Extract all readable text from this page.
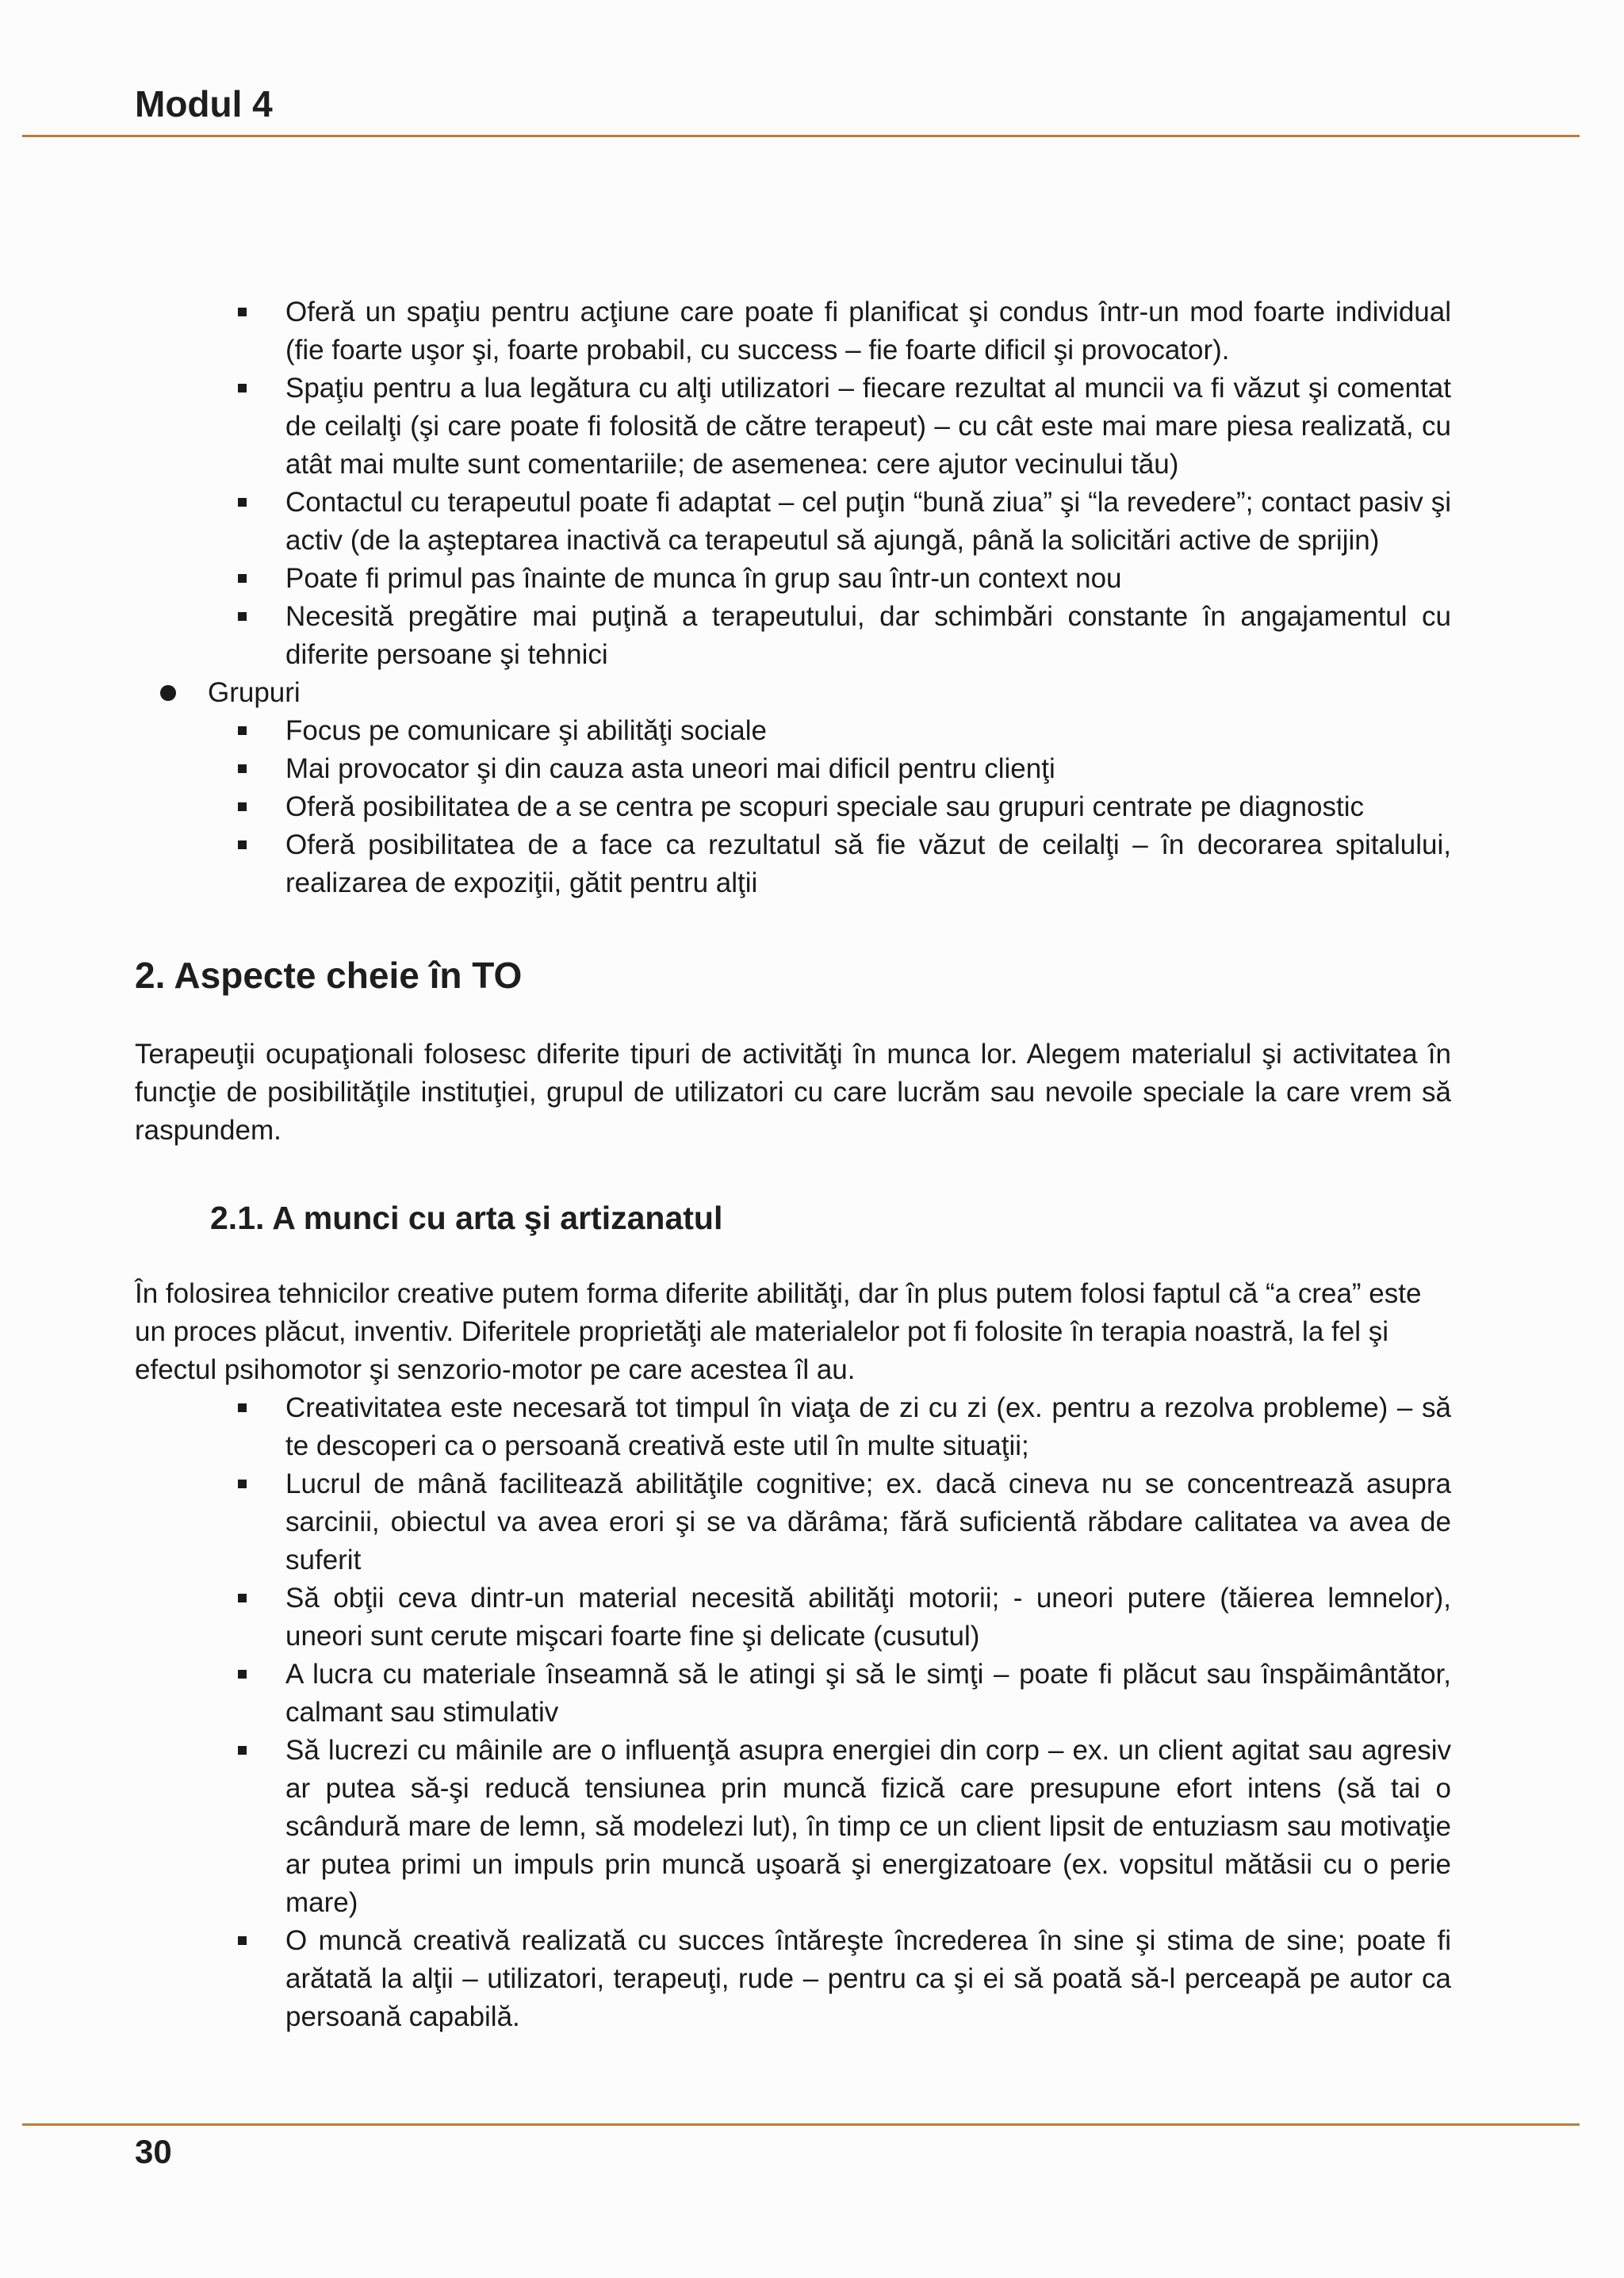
Modul 4
Oferă un spaţiu pentru acţiune care poate fi planificat şi condus într-un mod foarte individual (fie foarte uşor şi, foarte probabil, cu success – fie foarte dificil şi provocator).
Spaţiu pentru a lua legătura cu alţi utilizatori – fiecare rezultat al muncii va fi văzut şi comentat de ceilalţi (şi care poate fi folosită de către terapeut) – cu cât este mai mare piesa realizată, cu atât mai multe sunt comentariile; de asemenea: cere ajutor vecinului tău)
Contactul cu terapeutul poate fi adaptat – cel puţin “bună ziua” şi “la revedere”; contact pasiv şi activ (de la aşteptarea inactivă ca terapeutul să ajungă, până la solicitări active de sprijin)
Poate fi primul pas înainte de munca în grup sau într-un context nou
Necesită pregătire mai puţină a terapeutului, dar schimbări constante în angajamentul cu diferite persoane şi tehnici
Grupuri
Focus pe comunicare şi abilităţi sociale
Mai provocator şi din cauza asta uneori mai dificil pentru clienţi
Oferă posibilitatea de a se centra pe scopuri speciale sau grupuri centrate pe diagnostic
Oferă posibilitatea de a face ca rezultatul să fie văzut de ceilalţi – în decorarea spitalului, realizarea de expoziţii, gătit pentru alţii
2. Aspecte cheie în TO

Terapeuţii ocupaţionali folosesc diferite tipuri de activităţi în munca lor. Alegem materialul şi activitatea în funcţie de posibilităţile instituţiei, grupul de utilizatori cu care lucrăm sau nevoile speciale la care vrem să raspundem.

2.1. A munci cu arta şi artizanatul

În folosirea tehnicilor creative putem forma diferite abilităţi, dar în plus putem folosi faptul că “a crea” este un proces plăcut, inventiv. Diferitele proprietăţi ale materialelor pot fi folosite în terapia noastră, la fel şi efectul psihomotor şi senzorio-motor pe care acestea îl au.

Creativitatea este necesară tot timpul în viaţa de zi cu zi (ex. pentru a rezolva probleme) – să te descoperi ca o persoană creativă este util în multe situaţii;
Lucrul de mână facilitează abilităţile cognitive; ex. dacă cineva nu se concentrează asupra sarcinii, obiectul va avea erori şi se va dărâma; fără suficientă răbdare calitatea va avea de suferit
Să obţii ceva dintr-un material necesită abilităţi motorii; - uneori putere (tăierea lemnelor), uneori sunt cerute mişcari foarte fine şi delicate (cusutul)
A lucra cu materiale înseamnă să le atingi şi să le simţi – poate fi plăcut sau înspăimântător, calmant sau stimulativ
Să lucrezi cu mâinile are o influenţă asupra energiei din corp – ex. un client agitat sau agresiv ar putea să-şi reducă tensiunea prin muncă fizică care presupune efort intens (să tai o scândură mare de lemn, să modelezi lut), în timp ce un client lipsit de entuziasm sau motivaţie ar putea primi un impuls prin muncă uşoară şi energizatoare (ex. vopsitul mătăsii cu o perie mare)
O muncă creativă realizată cu succes întăreşte încrederea în sine şi stima de sine; poate fi arătată la alţii – utilizatori, terapeuţi, rude – pentru ca şi ei să poată să-l perceapă pe autor ca persoană capabilă.
30
